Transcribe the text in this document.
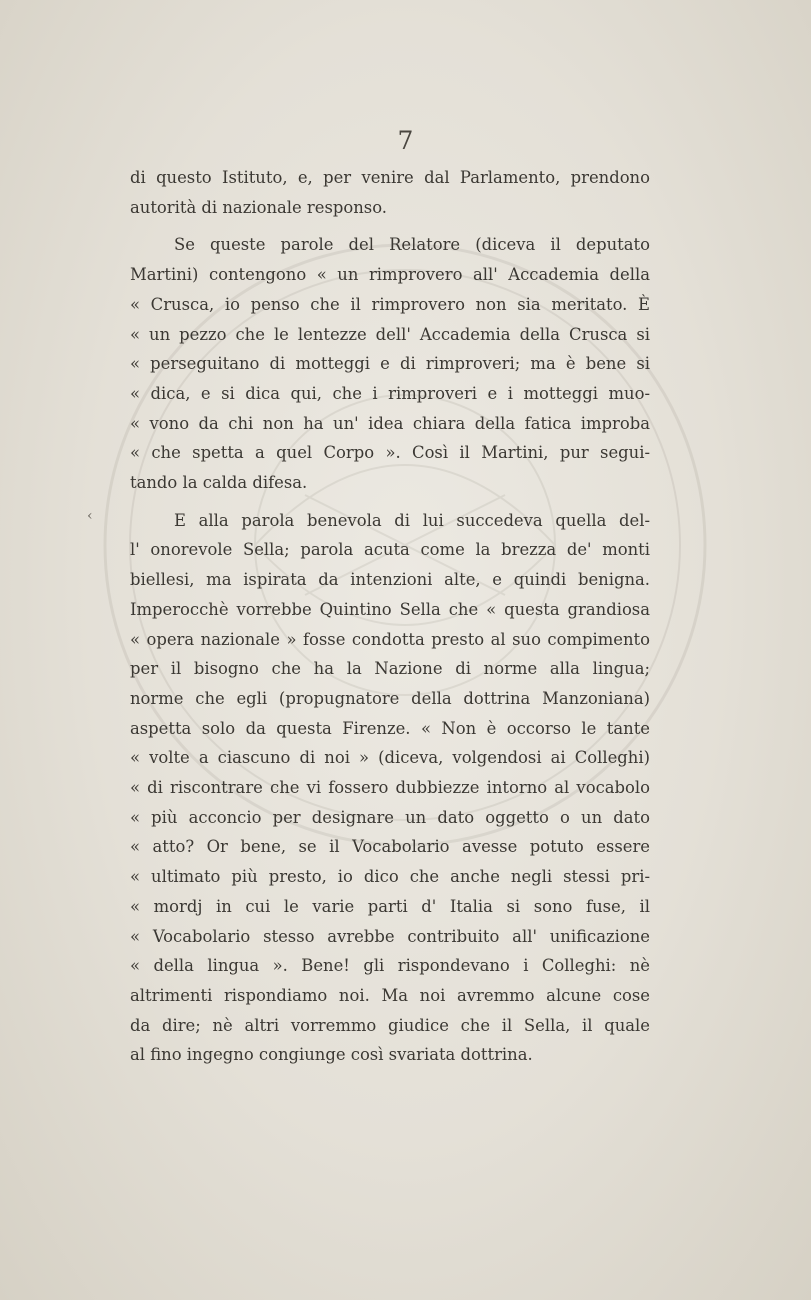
7
‹
di questo Istituto, e, per venire dal Parlamento, prendono
autorità di nazionale responso.
Se queste parole del Relatore (diceva il deputato
Martini) contengono « un rimprovero all' Accademia della
« Crusca, io penso che il rimprovero non sia meritato. È
« un pezzo che le lentezze dell' Accademia della Crusca si
« perseguitano di motteggi e di rimproveri; ma è bene si
« dica, e si dica qui, che i rimproveri e i motteggi muo-
« vono da chi non ha un' idea chiara della fatica improba
« che spetta a quel Corpo ». Così il Martini, pur segui-
tando la calda difesa.
E alla parola benevola di lui succedeva quella del-
l' onorevole Sella; parola acuta come la brezza de' monti
biellesi, ma ispirata da intenzioni alte, e quindi benigna.
Imperocchè vorrebbe Quintino Sella che « questa grandiosa
« opera nazionale » fosse condotta presto al suo compimento
per il bisogno che ha la Nazione di norme alla lingua;
norme che egli (propugnatore della dottrina Manzoniana)
aspetta solo da questa Firenze. « Non è occorso le tante
« volte a ciascuno di noi » (diceva, volgendosi ai Colleghi)
« di riscontrare che vi fossero dubbiezze intorno al vocabolo
« più acconcio per designare un dato oggetto o un dato
« atto? Or bene, se il Vocabolario avesse potuto essere
« ultimato più presto, io dico che anche negli stessi pri-
« mordj in cui le varie parti d' Italia si sono fuse, il
« Vocabolario stesso avrebbe contribuito all' unificazione
« della lingua ». Bene! gli rispondevano i Colleghi: nè
altrimenti rispondiamo noi. Ma noi avremmo alcune cose
da dire; nè altri vorremmo giudice che il Sella, il quale
al fino ingegno congiunge così svariata dottrina.
